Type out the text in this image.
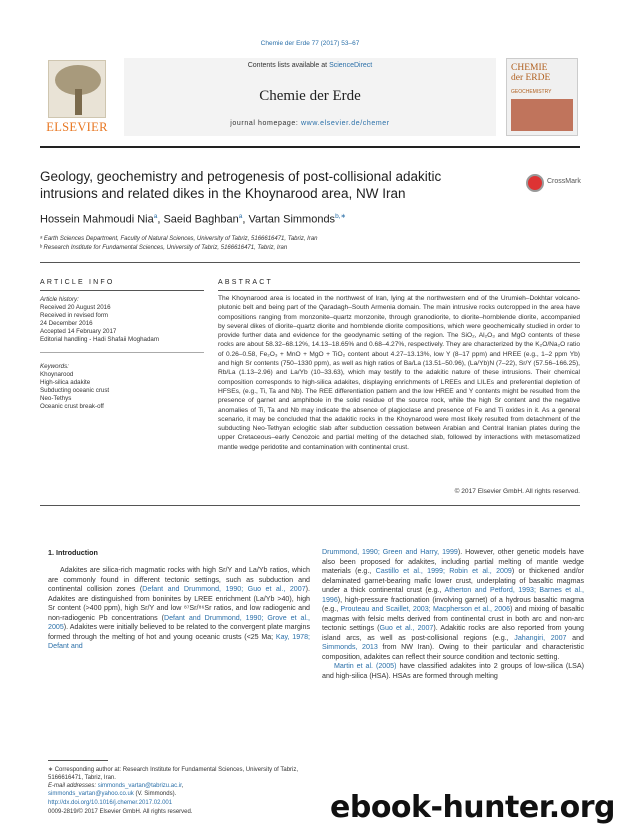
Chemie der Erde 77 (2017) 53–67
ELSEVIER
Contents lists available at ScienceDirect
Chemie der Erde
journal homepage: www.elsevier.de/chemer
CHEMIE
der ERDE
GEOCHEMISTRY
Geology, geochemistry and petrogenesis of post-collisional adakitic intrusions and related dikes in the Khoynarood area, NW Iran
CrossMark
Hossein Mahmoudi Nia$^a$, Saeid Baghban$^a$, Vartan Simmonds$^{b,∗}$
ᵃ Earth Sciences Department, Faculty of Natural Sciences, University of Tabriz, 5166616471, Tabriz, Iran
ᵇ Research Institute for Fundamental Sciences, University of Tabriz, 5166616471, Tabriz, Iran
ARTICLE INFO	ABSTRACT
Article history:
Received 20 August 2016
Received in revised form
24 December 2016
Accepted 14 February 2017
Editorial handling - Hadi Shafaii Moghadam
Keywords:
Khoynarood
High-silica adakite
Subducting oceanic crust
Neo-Tethys
Oceanic crust break-off
The Khoynarood area is located in the northwest of Iran, lying at the northwestern end of the Urumieh–Dokhtar volcano-plutonic belt and being part of the Qaradagh–South Armenia domain. The main intrusive rocks outcropped in the area have compositions ranging from monzonite–quartz monzonite, through granodiorite, to diorite–hornblende diorite, accompanied by several dikes of diorite–quartz diorite and hornblende diorite compositions, which were geochemically studied in order to provide further data and evidence for the geodynamic setting of the region. The SiO₂, Al₂O₃ and MgO contents of these rocks are about 58.32–68.12%, 14.13–18.65% and 0.68–4.27%, respectively. They are characterized by the K₂O/Na₂O ratio of 0.26–0.58, Fe₂O₃ + MnO + MgO + TiO₂ content about 4.27–13.13%, low Y (8–17 ppm) and HREE (e.g., 1–2 ppm Yb) and high Sr contents (750–1330 ppm), as well as high ratios of Ba/La (13.51–50.96), (La/Yb)N (7–22), Sr/Y (57.56–166.25), Rb/La (1.13–2.96) and La/Yb (10–33.63), which may testify to the adakitic nature of these intrusions. Their chemical composition corresponds to high-silica adakites, displaying enrichments of LREEs and LILEs and preferential depletion of HFSEs, (e.g., Ti, Ta and Nb). The REE differentiation pattern and the low HREE and Y contents might be resulted from the presence of garnet and amphibole in the solid residue of the source rock, while the high Sr content and the negative anomalies of Ti, Ta and Nb may indicate the absence of plagioclase and presence of Fe and Ti oxides in it. As a general scenario, it may be concluded that the adakitic rocks in the Khoynarood were most likely resulted from detachment of the subducting Neo-Tethyan eclogitic slab after subduction cessation between Arabian and Central Iranian plates during the upper Cretaceous–early Cenozoic and partial melting of the detached slab, followed by interactions with metasomatized mantle wedge peridotite and contamination with continental crust.
© 2017 Elsevier GmbH. All rights reserved.
1. Introduction
Adakites are silica-rich magmatic rocks with high Sr/Y and La/Yb ratios, which are commonly found in different tectonic settings, such as subduction and continental collision zones (Defant and Drummond, 1990; Guo et al., 2007). Adakites are distinguished from boninites by LREE enrichment (La/Yb >40), high Sr content (>400 ppm), high Sr/Y and low ⁸⁷Sr/⁸⁶Sr ratios, and low radiogenic and non-radiogenic Pb concentrations (Defant and Drummond, 1990; Grove et al., 2005). Adakites were initially believed to be related to the convergent plate margins formed through the melting of hot and young oceanic crusts (<25 Ma; Kay, 1978; Defant and
Drummond, 1990; Green and Harry, 1999). However, other genetic models have also been proposed for adakites, including partial melting of mantle wedge materials (e.g., Castillo et al., 1999; Robin et al., 2009) or thickened and/or delaminated garnet-bearing mafic lower crust, underplating of basaltic magmas under a thick continental crust (e.g., Atherton and Petford, 1993; Barnes et al., 1996), high-pressure fractionation (involving garnet) of a hydrous basaltic magma (e.g., Prouteau and Scaillet, 2003; Macpherson et al., 2006) and mixing of basaltic magmas with felsic melts derived from continental crust in both arc and non-arc tectonic settings (Guo et al., 2007). Adakitic rocks are also reported from young island arcs, as well as post-collisional regions (e.g., Jahangiri, 2007 and Simmonds, 2013 from NW Iran). Owing to their particular and characteristic composition, adakites can reflect their source condition and tectonic setting.
Martin et al. (2005) have classified adakites into 2 groups of low-silica (LSA) and high-silica (HSA). HSAs are formed through melting
∗ Corresponding author at: Research Institute for Fundamental Sciences, University of Tabriz, 5166616471, Tabriz, Iran.
E-mail addresses: simmonds_vartan@tabrizu.ac.ir,
simmonds_vartan@yahoo.co.uk (V. Simmonds).
http://dx.doi.org/10.1016/j.chemer.2017.02.001
0009-2819/© 2017 Elsevier GmbH. All rights reserved.	ebook-hunter.org
